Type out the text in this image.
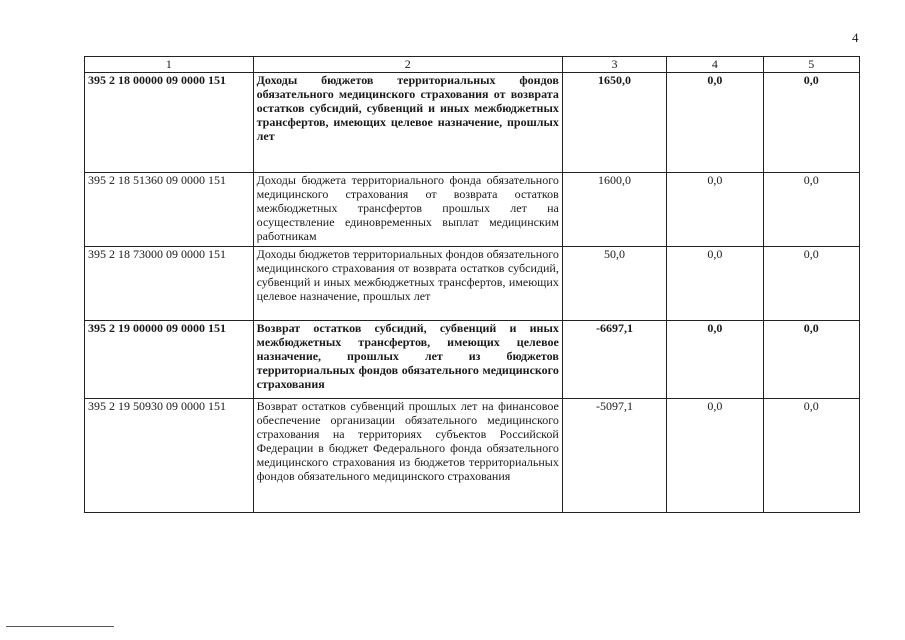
4
1	2	3	4	5
395 2 18 00000 09 0000 151	Доходы бюджетов территориальных фондов обязательного медицинского страхования от возврата остатков субсидий, субвенций и иных межбюджетных трансфертов, имеющих целевое назначение, прошлых лет	1650,0	0,0	0,0
395 2 18 51360 09 0000 151	Доходы бюджета территориального фонда обязательного медицинского страхования от возврата остатков межбюджетных трансфертов прошлых лет на осуществление единовременных выплат медицинским работникам	1600,0	0,0	0,0
395 2 18 73000 09 0000 151	Доходы бюджетов территориальных фондов обязательного медицинского страхования от возврата остатков субсидий, субвенций и иных межбюджетных трансфертов, имеющих целевое назначение, прошлых лет	50,0	0,0	0,0
395 2 19 00000 09 0000 151	Возврат остатков субсидий, субвенций и иных межбюджетных трансфертов, имеющих целевое назначение, прошлых лет из бюджетов территориальных фондов обязательного медицинского страхования	-6697,1	0,0	0,0
395 2 19 50930 09 0000 151	Возврат остатков субвенций прошлых лет на финансовое обеспечение организации обязательного медицинского страхования на территориях субъектов Российской Федерации в бюджет Федерального фонда обязательного медицинского страхования из бюджетов территориальных фондов обязательного медицинского страхования	-5097,1	0,0	0,0
